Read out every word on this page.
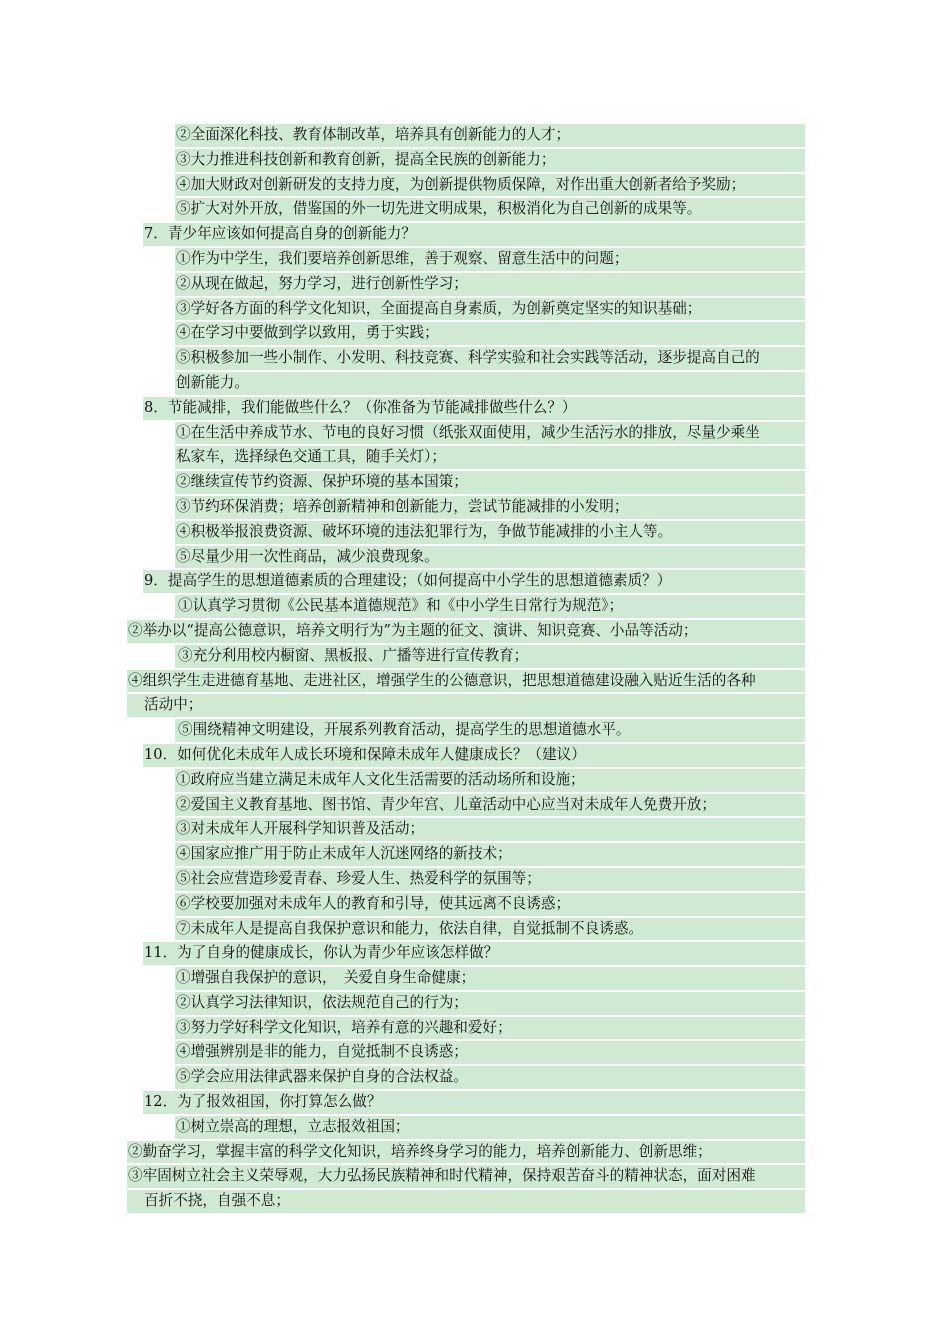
②全面深化科技、教育体制改革，培养具有创新能力的人才；
③大力推进科技创新和教育创新，提高全民族的创新能力；
④加大财政对创新研发的支持力度，为创新提供物质保障，对作出重大创新者给予奖励；
⑤扩大对外开放，借鉴国的外一切先进文明成果，积极消化为自己创新的成果等。
7．青少年应该如何提高自身的创新能力？
①作为中学生，我们要培养创新思维，善于观察、留意生活中的问题；
②从现在做起，努力学习，进行创新性学习；
③学好各方面的科学文化知识，全面提高自身素质，为创新奠定坚实的知识基础；
④在学习中要做到学以致用，勇于实践；
⑤积极参加一些小制作、小发明、科技竞赛、科学实验和社会实践等活动，逐步提高自己的
创新能力。
8．节能减排，我们能做些什么？（你准备为节能减排做些什么？）
①在生活中养成节水、节电的良好习惯（纸张双面使用，减少生活污水的排放，尽量少乘坐
私家车，选择绿色交通工具，随手关灯）；
②继续宣传节约资源、保护环境的基本国策；
③节约环保消费；培养创新精神和创新能力，尝试节能减排的小发明；
④积极举报浪费资源、破坏环境的违法犯罪行为，争做节能减排的小主人等。
⑤尽量少用一次性商品，减少浪费现象。
9．提高学生的思想道德素质的合理建设；（如何提高中小学生的思想道德素质？）
①认真学习贯彻《公民基本道德规范》和《中小学生日常行为规范》；
②举办以“提高公德意识，培养文明行为”为主题的征文、演讲、知识竞赛、小品等活动；
③充分利用校内橱窗、黑板报、广播等进行宣传教育；
④组织学生走进德育基地、走进社区，增强学生的公德意识，把思想道德建设融入贴近生活的各种
活动中；
⑤围绕精神文明建设，开展系列教育活动，提高学生的思想道德水平。
10．如何优化未成年人成长环境和保障未成年人健康成长？（建议）
①政府应当建立满足未成年人文化生活需要的活动场所和设施；
②爱国主义教育基地、图书馆、青少年宫、儿童活动中心应当对未成年人免费开放；
③对未成年人开展科学知识普及活动；
④国家应推广用于防止未成年人沉迷网络的新技术；
⑤社会应营造珍爱青春、珍爱人生、热爱科学的氛围等；
⑥学校要加强对未成年人的教育和引导，使其远离不良诱惑；
⑦未成年人是提高自我保护意识和能力，依法自律，自觉抵制不良诱惑。
11．为了自身的健康成长，你认为青少年应该怎样做？
①增强自我保护的意识，　关爱自身生命健康；
②认真学习法律知识，依法规范自己的行为；
③努力学好科学文化知识，培养有意的兴趣和爱好；
④增强辨别是非的能力，自觉抵制不良诱惑；
⑤学会应用法律武器来保护自身的合法权益。
12．为了报效祖国，你打算怎么做？
①树立崇高的理想，立志报效祖国；
②勤奋学习，掌握丰富的科学文化知识，培养终身学习的能力，培养创新能力、创新思维；
③牢固树立社会主义荣辱观，大力弘扬民族精神和时代精神，保持艰苦奋斗的精神状态，面对困难
百折不挠，自强不息；
